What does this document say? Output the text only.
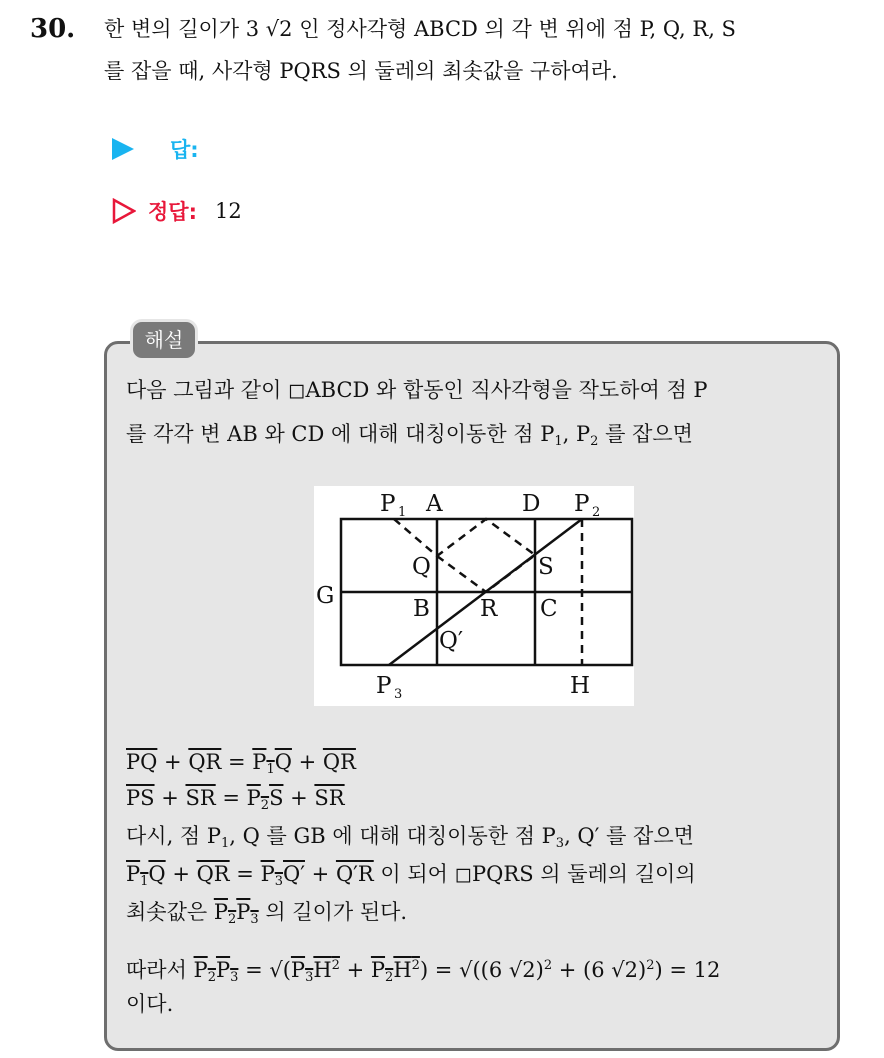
30. 한 변의 길이가 3 √2 인 정사각형 ABCD 의 각 변 위에 점 P, Q, R, S
를 잡을 때, 사각형 PQRS 의 둘레의 최솟값을 구하여라.
답:
정답: 12
해설
다음 그림과 같이 ◻ABCD 와 합동인 직사각형을 작도하여 점 P
를 각각 변 AB 와 CD 에 대해 대칭이동한 점 $P_1$, $P_2$ 를 잡으면
P 1 A	D P 2
Q	S
G	B R C
Q′
P 3	H
$\overline{PQ} + \overline{QR} = P_1Q + \overline{QR}$
$\overline{PS} + \overline{SR} = P_2S + \overline{SR}$
다시, 점 $P_1$, Q 를 GB 에 대해 대칭이동한 점 $P_3$, Q′ 를 잡으면
$P_1Q + \overline{QR} = P_3Q' + Q'R$ 이 되어 ◻PQRS 의 둘레의 길이의
최솟값은 $P_2P_3$ 의 길이가 된다.
따라서 $P_2P_3 = √(P_3H^2 + P_2H^2) = √((6$ √2)$^2$ + (6 √2)$^2$) = 12
이다.
